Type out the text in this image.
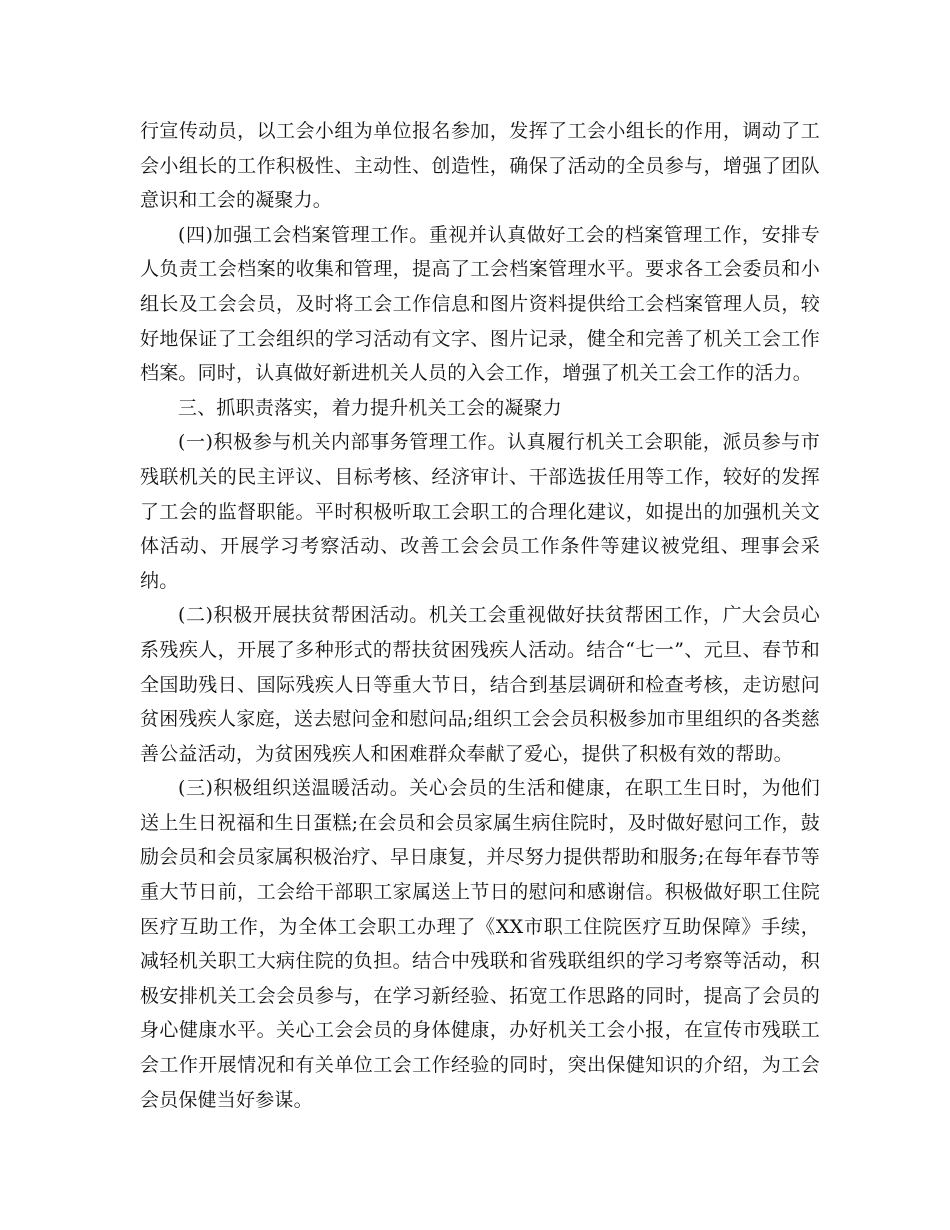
行宣传动员，以工会小组为单位报名参加，发挥了工会小组长的作用，调动了工会小组长的工作积极性、主动性、创造性，确保了活动的全员参与，增强了团队意识和工会的凝聚力。

(四)加强工会档案管理工作。重视并认真做好工会的档案管理工作，安排专人负责工会档案的收集和管理，提高了工会档案管理水平。要求各工会委员和小组长及工会会员，及时将工会工作信息和图片资料提供给工会档案管理人员，较好地保证了工会组织的学习活动有文字、图片记录，健全和完善了机关工会工作档案。同时，认真做好新进机关人员的入会工作，增强了机关工会工作的活力。

三、抓职责落实，着力提升机关工会的凝聚力

(一)积极参与机关内部事务管理工作。认真履行机关工会职能，派员参与市残联机关的民主评议、目标考核、经济审计、干部选拔任用等工作，较好的发挥了工会的监督职能。平时积极听取工会职工的合理化建议，如提出的加强机关文体活动、开展学习考察活动、改善工会会员工作条件等建议被党组、理事会采纳。

(二)积极开展扶贫帮困活动。机关工会重视做好扶贫帮困工作，广大会员心系残疾人，开展了多种形式的帮扶贫困残疾人活动。结合“七一”、元旦、春节和全国助残日、国际残疾人日等重大节日，结合到基层调研和检查考核，走访慰问贫困残疾人家庭，送去慰问金和慰问品;组织工会会员积极参加市里组织的各类慈善公益活动，为贫困残疾人和困难群众奉献了爱心，提供了积极有效的帮助。

(三)积极组织送温暖活动。关心会员的生活和健康，在职工生日时，为他们送上生日祝福和生日蛋糕;在会员和会员家属生病住院时，及时做好慰问工作，鼓励会员和会员家属积极治疗、早日康复，并尽努力提供帮助和服务;在每年春节等重大节日前，工会给干部职工家属送上节日的慰问和感谢信。积极做好职工住院医疗互助工作，为全体工会职工办理了《XX市职工住院医疗互助保障》手续，减轻机关职工大病住院的负担。结合中残联和省残联组织的学习考察等活动，积极安排机关工会会员参与，在学习新经验、拓宽工作思路的同时，提高了会员的身心健康水平。关心工会会员的身体健康，办好机关工会小报，在宣传市残联工会工作开展情况和有关单位工会工作经验的同时，突出保健知识的介绍，为工会会员保健当好参谋。
